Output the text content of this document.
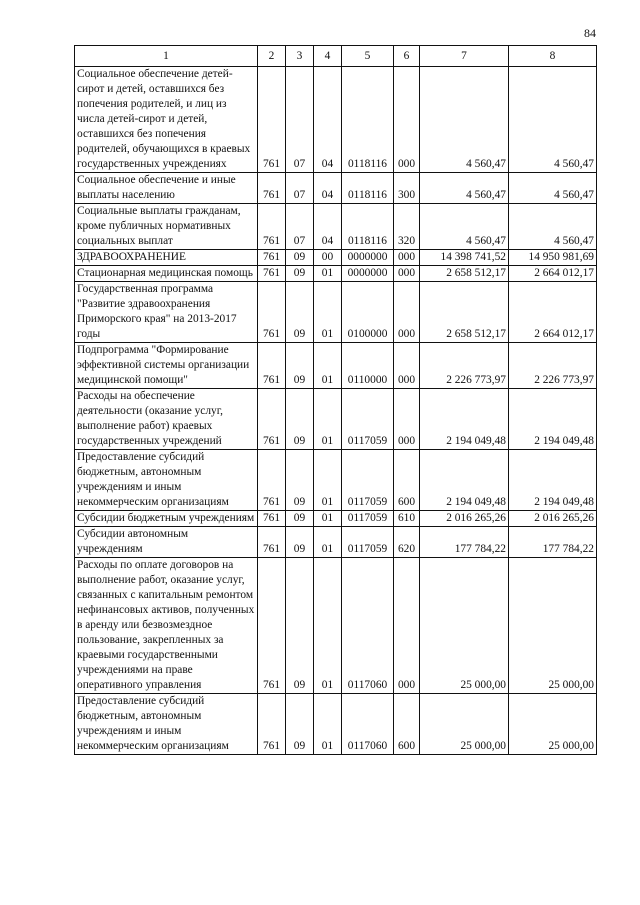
84
1	2	3	4	5	6	7	8
Социальное обеспечение детей-сирот и детей, оставшихся без попечения родителей, и лиц из числа детей-сирот и детей, оставшихся без попечения родителей, обучающихся в краевых государственных учреждениях	761	07	04	0118116	000	4 560,47	4 560,47
Социальное обеспечение и иные выплаты населению	761	07	04	0118116	300	4 560,47	4 560,47
Социальные выплаты гражданам, кроме публичных нормативных социальных выплат	761	07	04	0118116	320	4 560,47	4 560,47
ЗДРАВООХРАНЕНИЕ	761	09	00	0000000	000	14 398 741,52	14 950 981,69
Стационарная медицинская помощь	761	09	01	0000000	000	2 658 512,17	2 664 012,17
Государственная программа "Развитие здравоохранения Приморского края" на 2013-2017 годы	761	09	01	0100000	000	2 658 512,17	2 664 012,17
Подпрограмма "Формирование эффективной системы организации медицинской помощи"	761	09	01	0110000	000	2 226 773,97	2 226 773,97
Расходы на обеспечение деятельности (оказание услуг, выполнение работ) краевых государственных учреждений	761	09	01	0117059	000	2 194 049,48	2 194 049,48
Предоставление субсидий бюджетным, автономным учреждениям и иным некоммерческим организациям	761	09	01	0117059	600	2 194 049,48	2 194 049,48
Субсидии бюджетным учреждениям	761	09	01	0117059	610	2 016 265,26	2 016 265,26
Субсидии автономным учреждениям	761	09	01	0117059	620	177 784,22	177 784,22
Расходы по оплате договоров на выполнение работ, оказание услуг, связанных с капитальным ремонтом нефинансовых активов, полученных в аренду или безвозмездное пользование, закрепленных за краевыми государственными учреждениями на праве оперативного управления	761	09	01	0117060	000	25 000,00	25 000,00
Предоставление субсидий бюджетным, автономным учреждениям и иным некоммерческим организациям	761	09	01	0117060	600	25 000,00	25 000,00
